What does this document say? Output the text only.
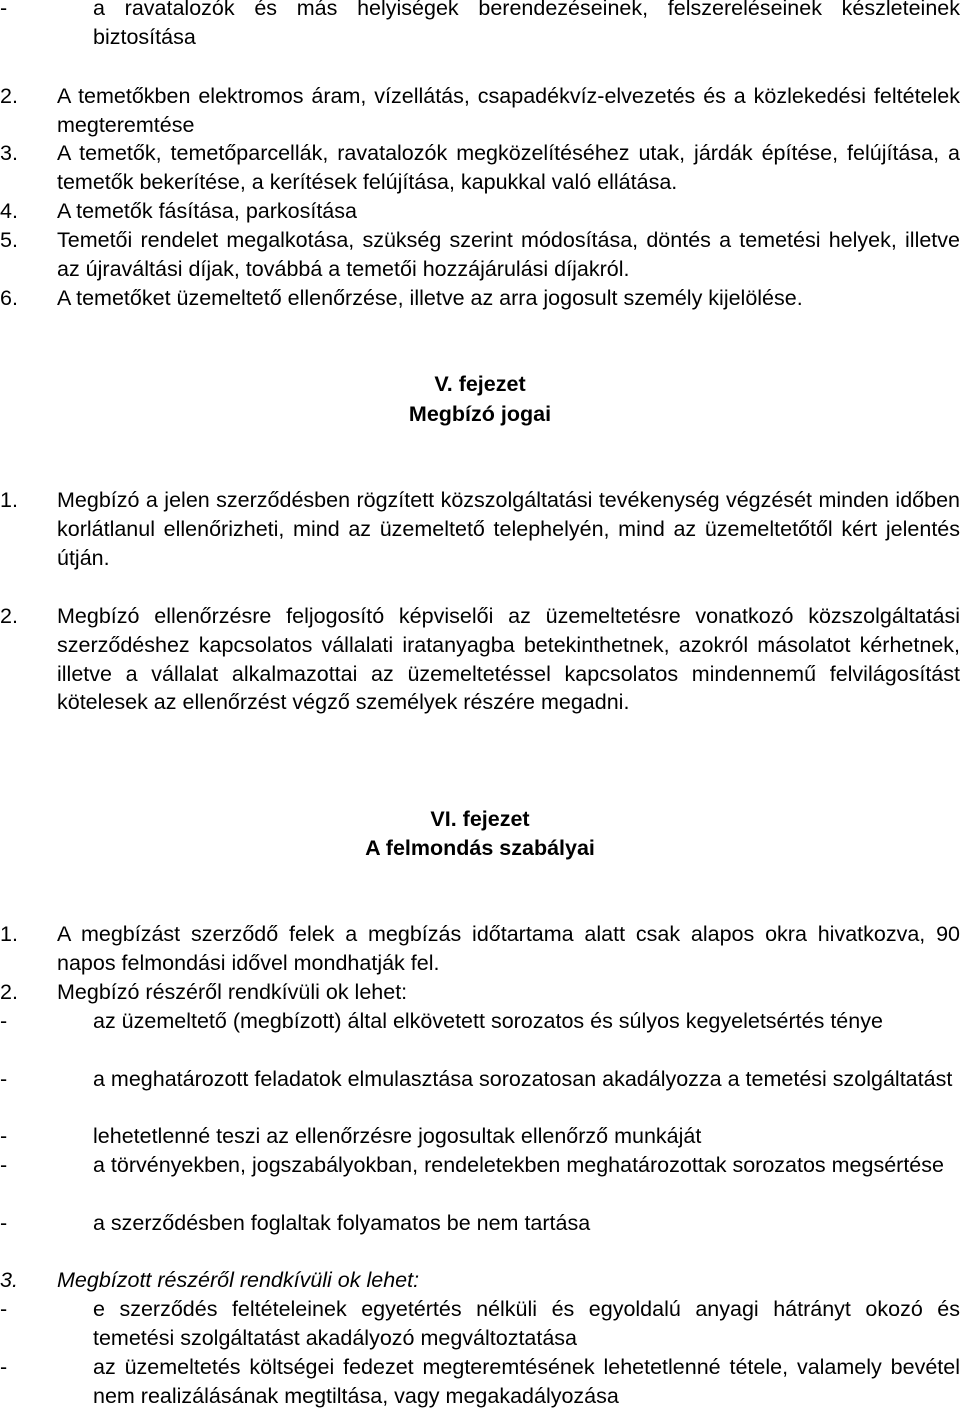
-	a ravatalozók és más helyiségek berendezéseinek, felszereléseinek készleteinek biztosítása
2.	A temetőkben elektromos áram, vízellátás, csapadékvíz-elvezetés és a közlekedési feltételek megteremtése
3.	A temetők, temetőparcellák, ravatalozók megközelítéséhez utak, járdák építése, felújítása, a temetők bekerítése, a kerítések felújítása, kapukkal való ellátása.
4.	A temetők fásítása, parkosítása
5.	Temetői rendelet megalkotása, szükség szerint módosítása, döntés a temetési helyek, illetve az újraváltási díjak, továbbá a temetői hozzájárulási díjakról.
6.	A temetőket üzemeltető ellenőrzése, illetve az arra jogosult személy kijelölése.
V. fejezet
Megbízó jogai
1.	Megbízó a jelen szerződésben rögzített közszolgáltatási tevékenység végzését minden időben korlátlanul ellenőrizheti, mind az üzemeltető telephelyén, mind az üzemeltetőtől kért jelentés útján.
2.	Megbízó ellenőrzésre feljogosító képviselői az üzemeltetésre vonatkozó közszolgáltatási szerződéshez kapcsolatos vállalati iratanyagba betekinthetnek, azokról másolatot kérhetnek, illetve a vállalat alkalmazottai az üzemeltetéssel kapcsolatos mindennemű felvilágosítást kötelesek az ellenőrzést végző személyek részére megadni.
VI. fejezet
A felmondás szabályai
1.	A megbízást szerződő felek a megbízás időtartama alatt csak alapos okra hivatkozva, 90 napos felmondási idővel mondhatják fel.
2.	Megbízó részéről rendkívüli ok lehet:
-	az üzemeltető (megbízott) által elkövetett sorozatos és súlyos kegyeletsértés ténye
-	a meghatározott feladatok elmulasztása sorozatosan akadályozza a temetési szolgáltatást
-	lehetetlenné teszi az ellenőrzésre jogosultak ellenőrző munkáját
-	a törvényekben, jogszabályokban, rendeletekben meghatározottak sorozatos megsértése
-	a szerződésben foglaltak folyamatos be nem tartása
3.	Megbízott részéről rendkívüli ok lehet:
-	e szerződés feltételeinek egyetértés nélküli és egyoldalú anyagi hátrányt okozó és temetési szolgáltatást akadályozó megváltoztatása
-	az üzemeltetés költségei fedezet megteremtésének lehetetlenné tétele, valamely bevétel nem realizálásának megtiltása, vagy megakadályozása
